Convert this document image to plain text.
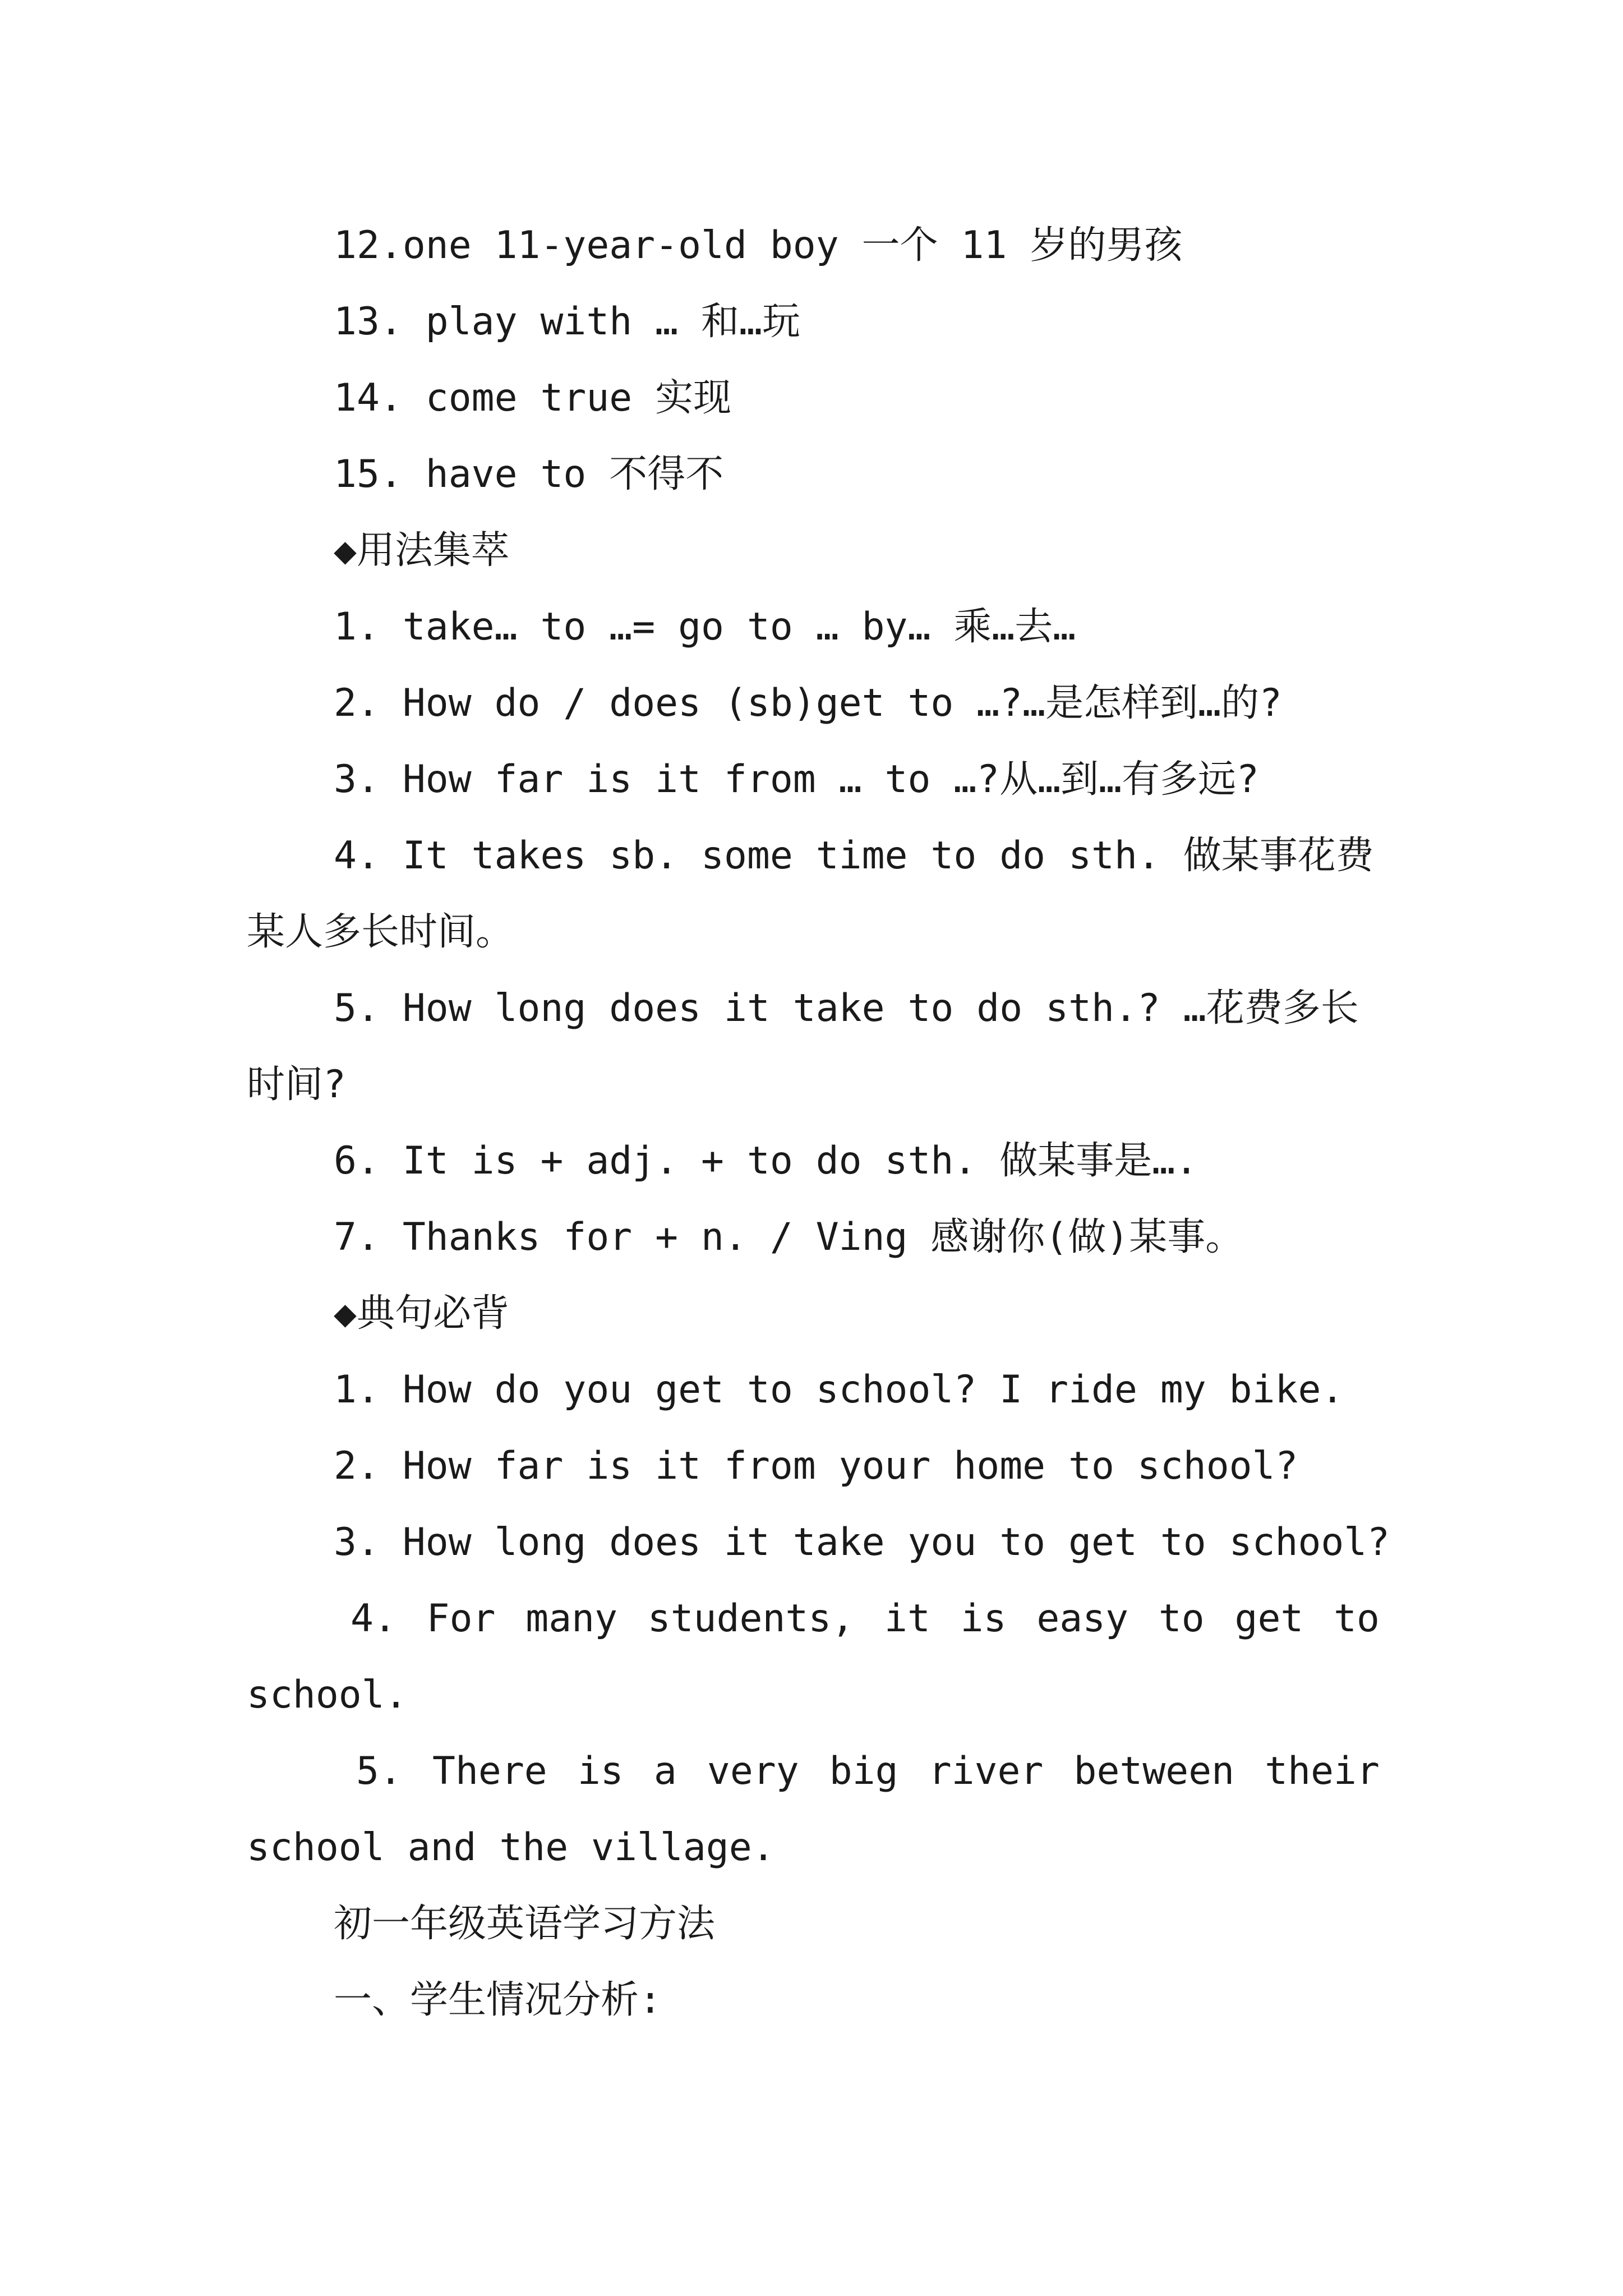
12.one 11-year-old boy 一个 11 岁的男孩

13. play with … 和…玩

14. come true 实现

15. have to 不得不

◆用法集萃

1. take… to …= go to … by… 乘…去…

2. How do / does (sb)get to …?…是怎样到…的?

3. How far is it from … to …?从…到…有多远?

4. It takes sb. some time to do sth. 做某事花费

某人多长时间。

5. How long does it take to do sth.? …花费多长

时间?

6. It is + adj. + to do sth. 做某事是….

7. Thanks for + n. / Ving 感谢你(做)某事。

◆典句必背

1. How do you get to school? I ride my bike.

2. How far is it from your home to school?

3. How long does it take you to get to school?

4. For many students, it is easy to get to

school.

5. There is a very big river between their

school and the village.

初一年级英语学习方法

一、学生情况分析:
